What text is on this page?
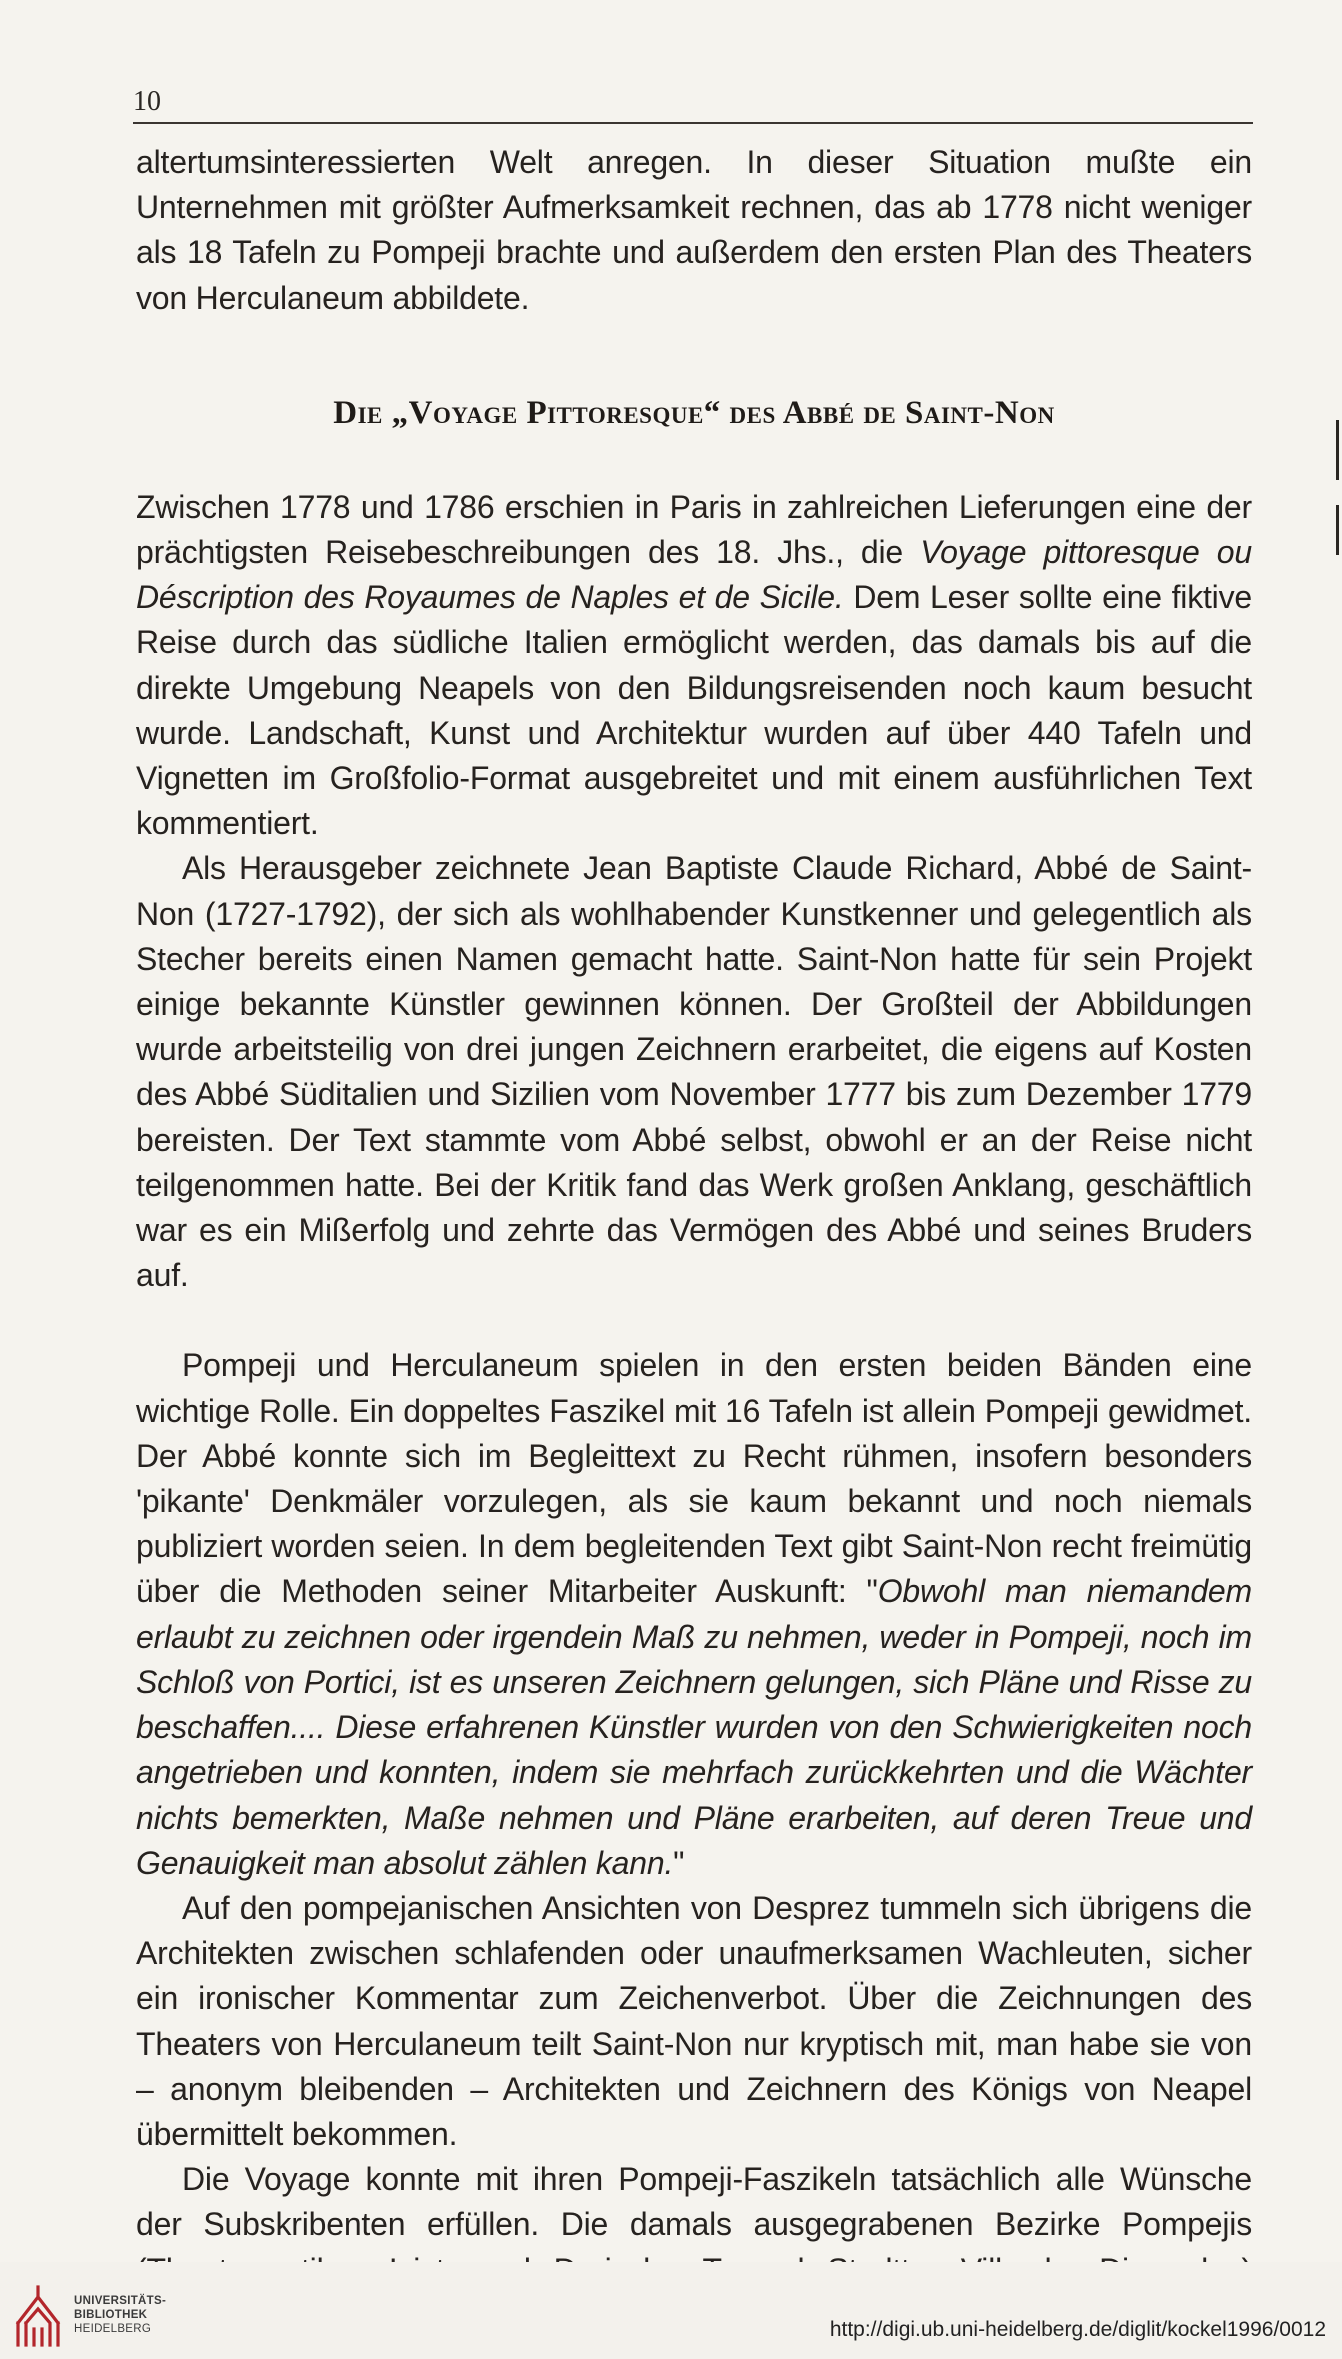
10

altertumsinteressierten Welt anregen. In dieser Situation mußte ein Unternehmen mit größter Aufmerksamkeit rechnen, das ab 1778 nicht weniger als 18 Tafeln zu Pompeji brachte und außerdem den ersten Plan des Theaters von Herculaneum abbildete.

Die „Voyage Pittoresque“ des Abbé de Saint-Non

Zwischen 1778 und 1786 erschien in Paris in zahlreichen Lieferungen eine der prächtigsten Reisebeschreibungen des 18. Jhs., die Voyage pittoresque ou Déscription des Royaumes de Naples et de Sicile. Dem Leser sollte eine fiktive Reise durch das südliche Italien ermöglicht werden, das damals bis auf die direkte Umgebung Neapels von den Bildungsreisenden noch kaum besucht wurde. Landschaft, Kunst und Architektur wurden auf über 440 Tafeln und Vignetten im Großfolio-Format ausgebreitet und mit einem ausführlichen Text kommentiert.

Als Herausgeber zeichnete Jean Baptiste Claude Richard, Abbé de Saint-Non (1727-1792), der sich als wohlhabender Kunstkenner und gelegentlich als Stecher bereits einen Namen gemacht hatte. Saint-Non hatte für sein Projekt einige bekannte Künstler gewinnen können. Der Großteil der Abbildungen wurde arbeitsteilig von drei jungen Zeichnern erarbeitet, die eigens auf Kosten des Abbé Süditalien und Sizilien vom November 1777 bis zum Dezember 1779 bereisten. Der Text stammte vom Abbé selbst, obwohl er an der Reise nicht teilgenommen hatte. Bei der Kritik fand das Werk großen Anklang, geschäftlich war es ein Mißerfolg und zehrte das Vermögen des Abbé und seines Bruders auf.

Pompeji und Herculaneum spielen in den ersten beiden Bänden eine wichtige Rolle. Ein doppeltes Faszikel mit 16 Tafeln ist allein Pompeji gewidmet. Der Abbé konnte sich im Begleittext zu Recht rühmen, insofern besonders 'pikante' Denkmäler vorzulegen, als sie kaum bekannt und noch niemals publiziert worden seien. In dem begleitenden Text gibt Saint-Non recht freimütig über die Methoden seiner Mitarbeiter Auskunft: "Obwohl man niemandem erlaubt zu zeichnen oder irgendein Maß zu nehmen, weder in Pompeji, noch im Schloß von Portici, ist es unseren Zeichnern gelungen, sich Pläne und Risse zu beschaffen.... Diese erfahrenen Künstler wurden von den Schwierigkeiten noch angetrieben und konnten, indem sie mehrfach zurückkehrten und die Wächter nichts bemerkten, Maße nehmen und Pläne erarbeiten, auf deren Treue und Genauigkeit man absolut zählen kann."

Auf den pompejanischen Ansichten von Desprez tummeln sich übrigens die Architekten zwischen schlafenden oder unaufmerksamen Wachleuten, sicher ein ironischer Kommentar zum Zeichenverbot. Über die Zeichnungen des Theaters von Herculaneum teilt Saint-Non nur kryptisch mit, man habe sie von – anonym bleibenden – Architekten und Zeichnern des Königs von Neapel übermittelt bekommen.

Die Voyage konnte mit ihren Pompeji-Faszikeln tatsächlich alle Wünsche der Subskribenten erfüllen. Die damals ausgegrabenen Bezirke Pompejis

UNIVERSITÄTS-
BIBLIOTHEK
HEIDELBERG	http://digi.ub.uni-heidelberg.de/diglit/kockel1996/0012
